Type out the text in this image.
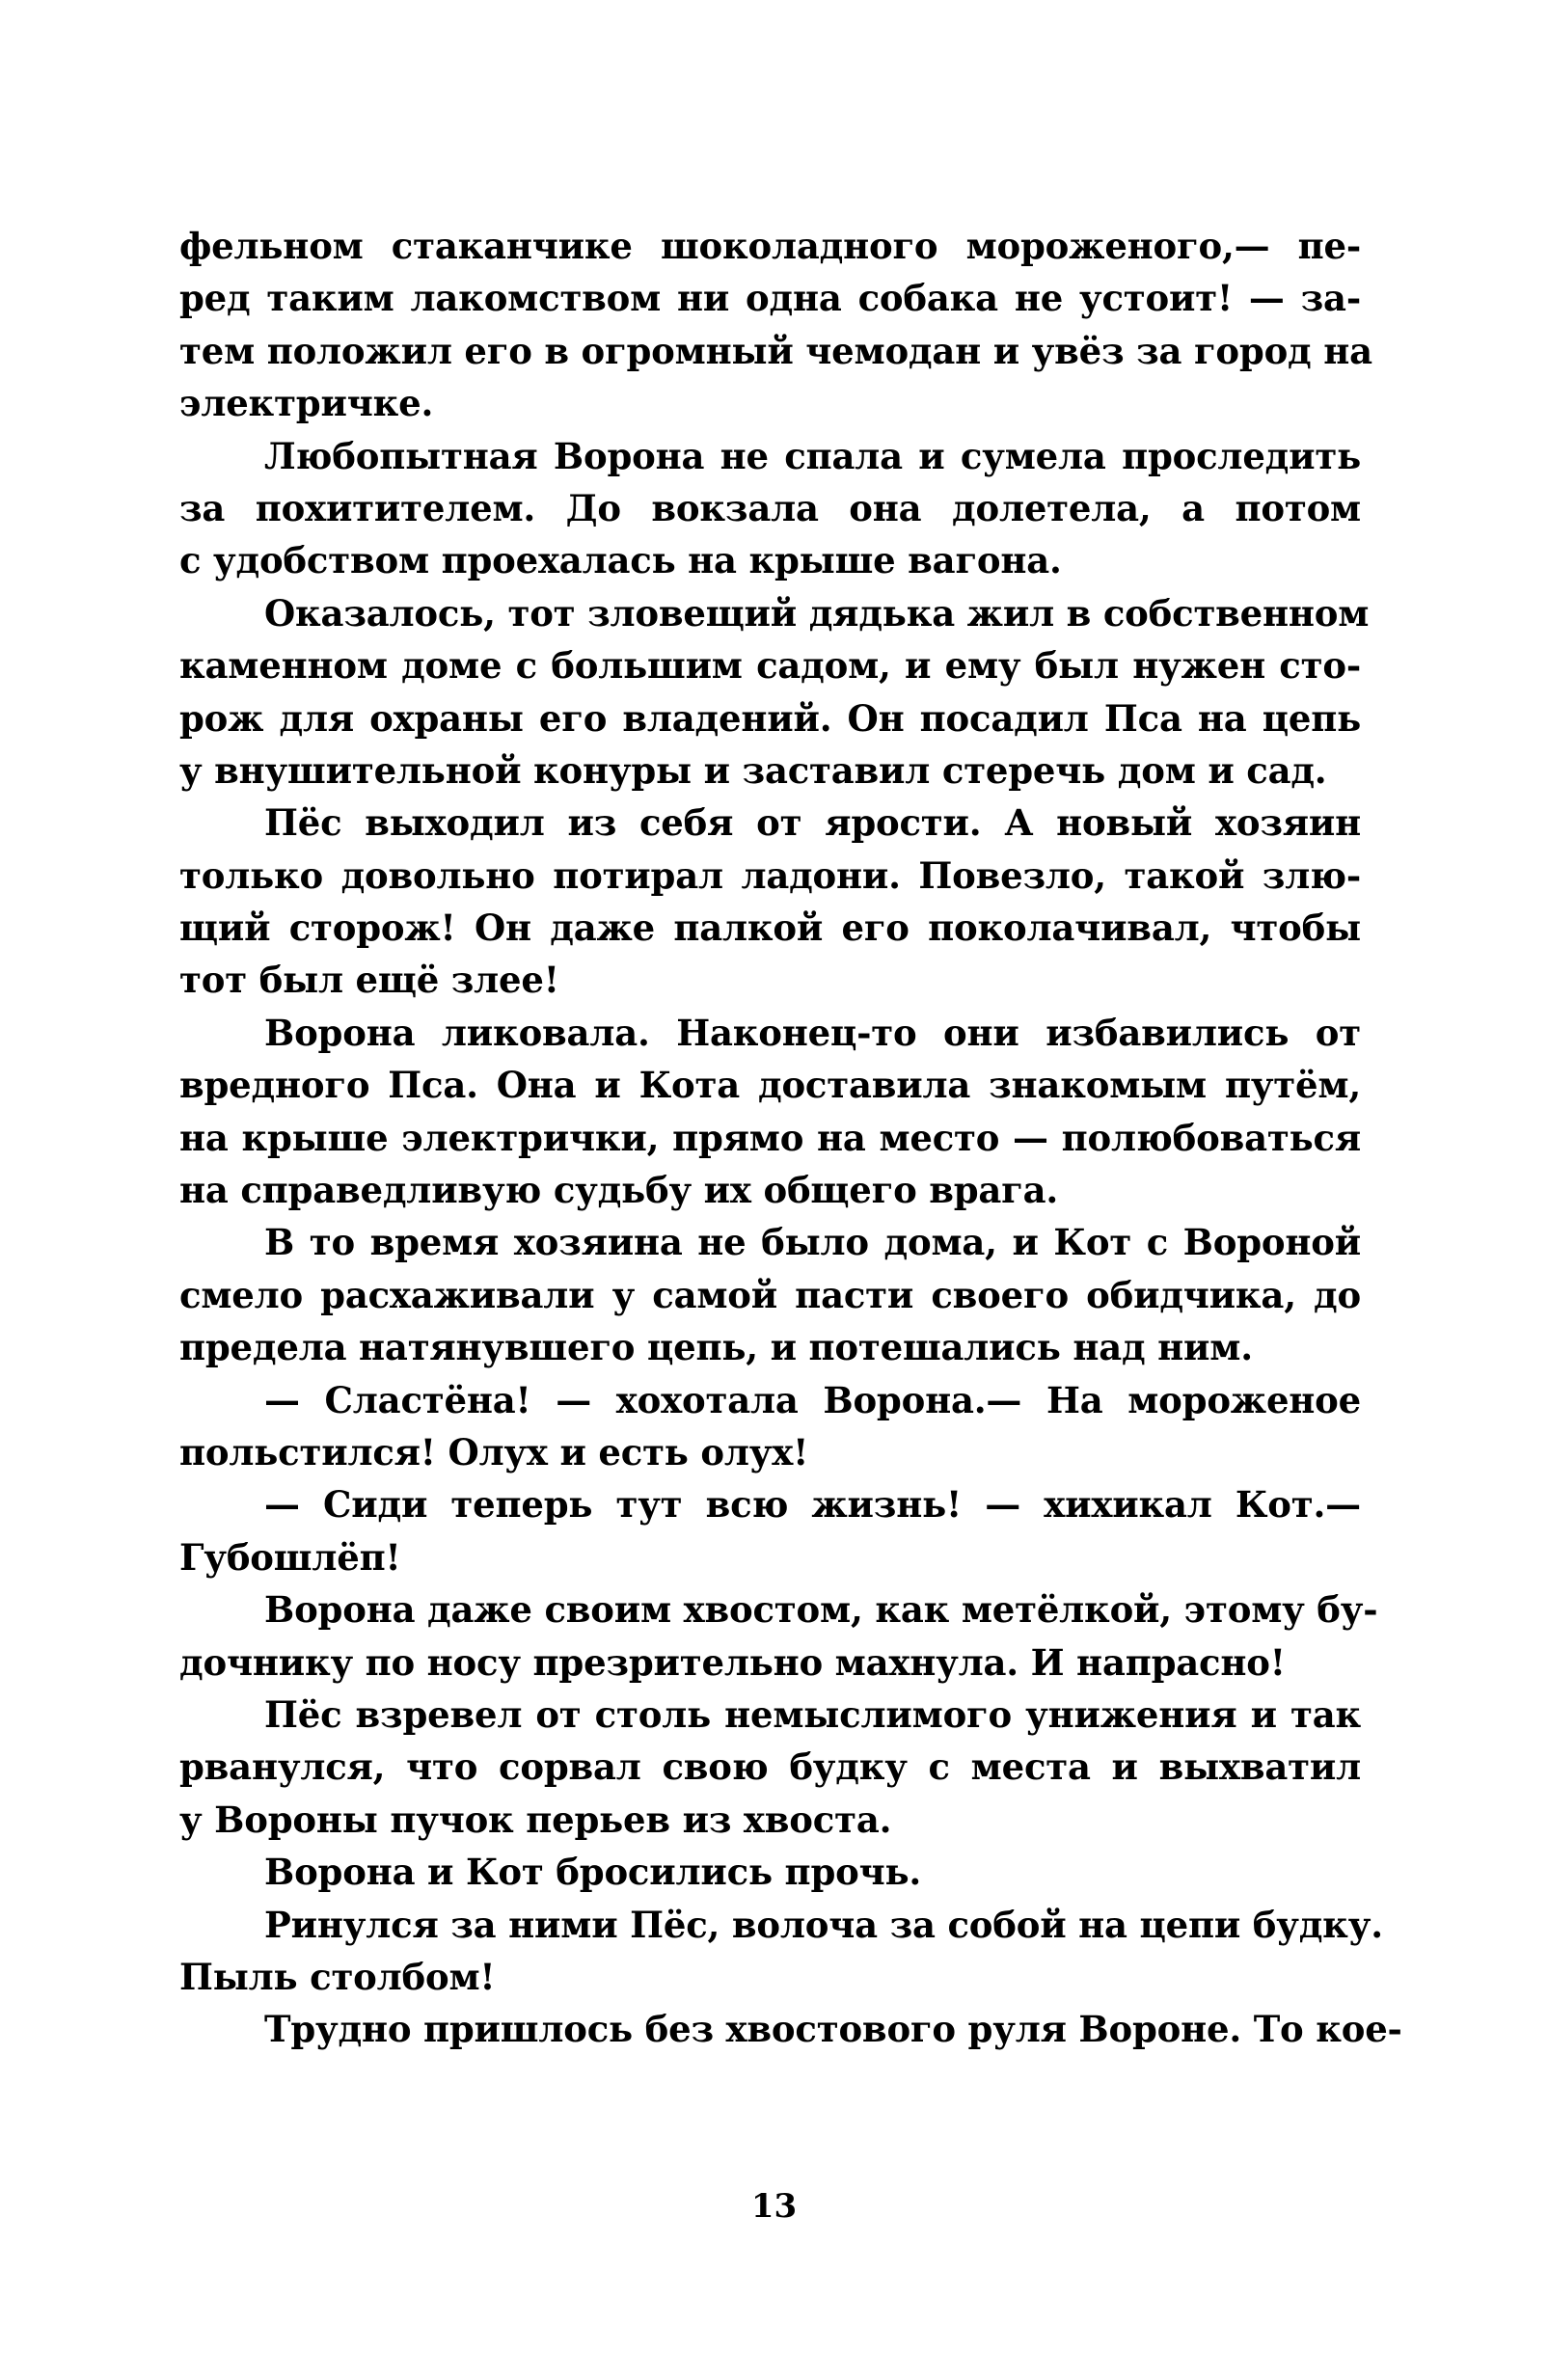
фельном стаканчике шоколадного мороженого,— пе-
ред таким лакомством ни одна собака не устоит! — за-
тем положил его в огромный чемодан и увёз за город на
электричке.
Любопытная Ворона не спала и сумела проследить
за похитителем. До вокзала она долетела, а потом
с удобством проехалась на крыше вагона.
Оказалось, тот зловещий дядька жил в собственном
каменном доме с большим садом, и ему был нужен сто-
рож для охраны его владений. Он посадил Пса на цепь
у внушительной конуры и заставил стеречь дом и сад.
Пёс выходил из себя от ярости. А новый хозяин
только довольно потирал ладони. Повезло, такой злю-
щий сторож! Он даже палкой его поколачивал, чтобы
тот был ещё злее!
Ворона ликовала. Наконец-то они избавились от
вредного Пса. Она и Кота доставила знакомым путём,
на крыше электрички, прямо на место — полюбоваться
на справедливую судьбу их общего врага.
В то время хозяина не было дома, и Кот с Вороной
смело расхаживали у самой пасти своего обидчика, до
предела натянувшего цепь, и потешались над ним.
— Сластёна! — хохотала Ворона.— На мороженое
польстился! Олух и есть олух!
— Сиди теперь тут всю жизнь! — хихикал Кот.—
Губошлёп!
Ворона даже своим хвостом, как метёлкой, этому бу-
дочнику по носу презрительно махнула. И напрасно!
Пёс взревел от столь немыслимого унижения и так
рванулся, что сорвал свою будку с места и выхватил
у Вороны пучок перьев из хвоста.
Ворона и Кот бросились прочь.
Ринулся за ними Пёс, волоча за собой на цепи будку.
Пыль столбом!
Трудно пришлось без хвостового руля Вороне. То кое-
13
